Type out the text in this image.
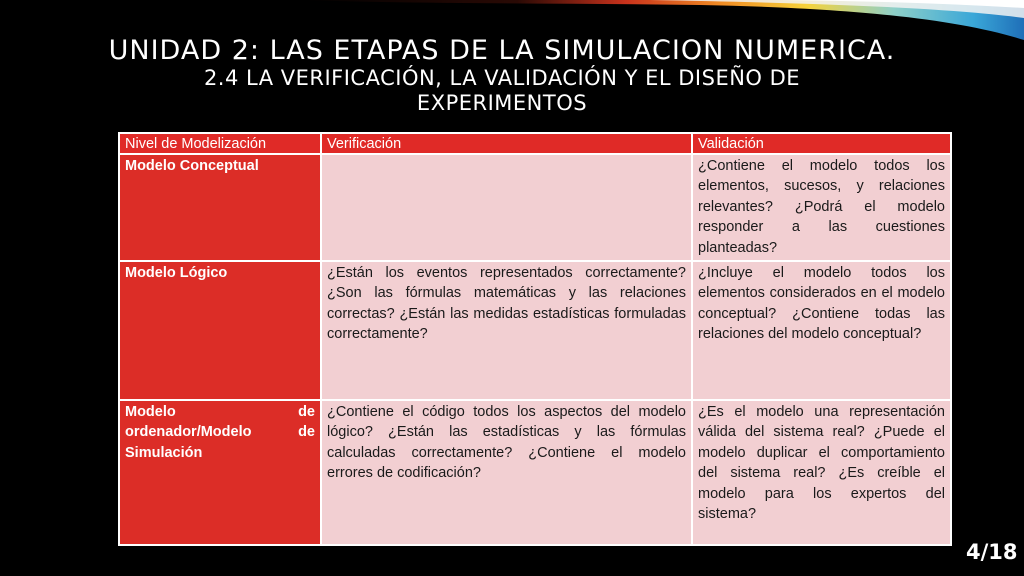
UNIDAD 2: LAS ETAPAS DE LA SIMULACION NUMERICA.
2.4 LA VERIFICACIÓN, LA VALIDACIÓN Y EL DISEÑO DE EXPERIMENTOS
Nivel de Modelización	Verificación	Validación
Modelo Conceptual		¿Contiene el modelo todos los elementos, sucesos, y relaciones relevantes? ¿Podrá el modelo responder a las cuestiones planteadas?
Modelo Lógico	¿Están los eventos representados correctamente? ¿Son las fórmulas matemáticas y las relaciones correctas? ¿Están las medidas estadísticas formuladas correctamente?	¿Incluye el modelo todos los elementos considerados en el modelo conceptual? ¿Contiene todas las relaciones del modelo conceptual?
Modelo de ordenador/Modelo de Simulación	¿Contiene el código todos los aspectos del modelo lógico? ¿Están las estadísticas y las fórmulas calculadas correctamente? ¿Contiene el modelo errores de codificación?	¿Es el modelo una representación válida del sistema real? ¿Puede el modelo duplicar el comportamiento del sistema real? ¿Es creíble el modelo para los expertos del sistema?
4/18
